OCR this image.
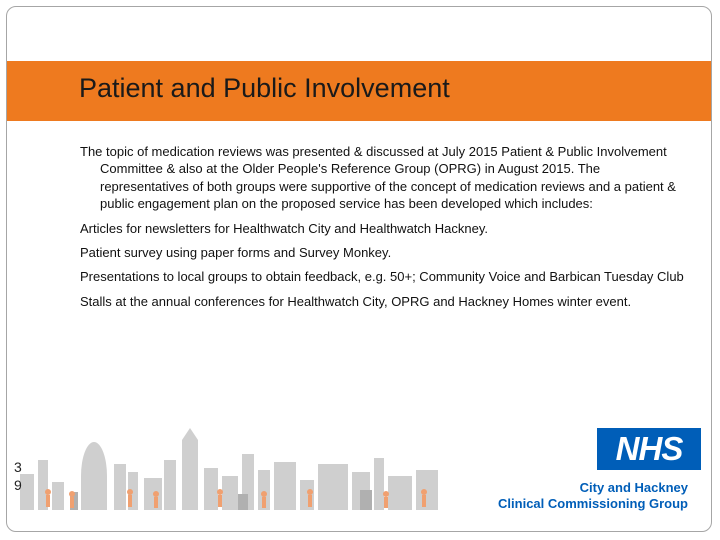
Patient and Public Involvement

The topic of medication reviews was presented & discussed at July 2015 Patient & Public Involvement Committee & also at the Older People's Reference Group (OPRG) in August 2015. The representatives of both groups were supportive of the concept of medication reviews and a patient & public engagement plan on the proposed service has been developed which includes:

Articles for newsletters for Healthwatch City and Healthwatch Hackney.

Patient survey using paper forms and Survey Monkey.

Presentations to local groups to obtain feedback, e.g. 50+; Community Voice and Barbican Tuesday Club

Stalls at the annual conferences for Healthwatch City, OPRG and Hackney Homes winter event.

39
NHS
City and Hackney
Clinical Commissioning Group
